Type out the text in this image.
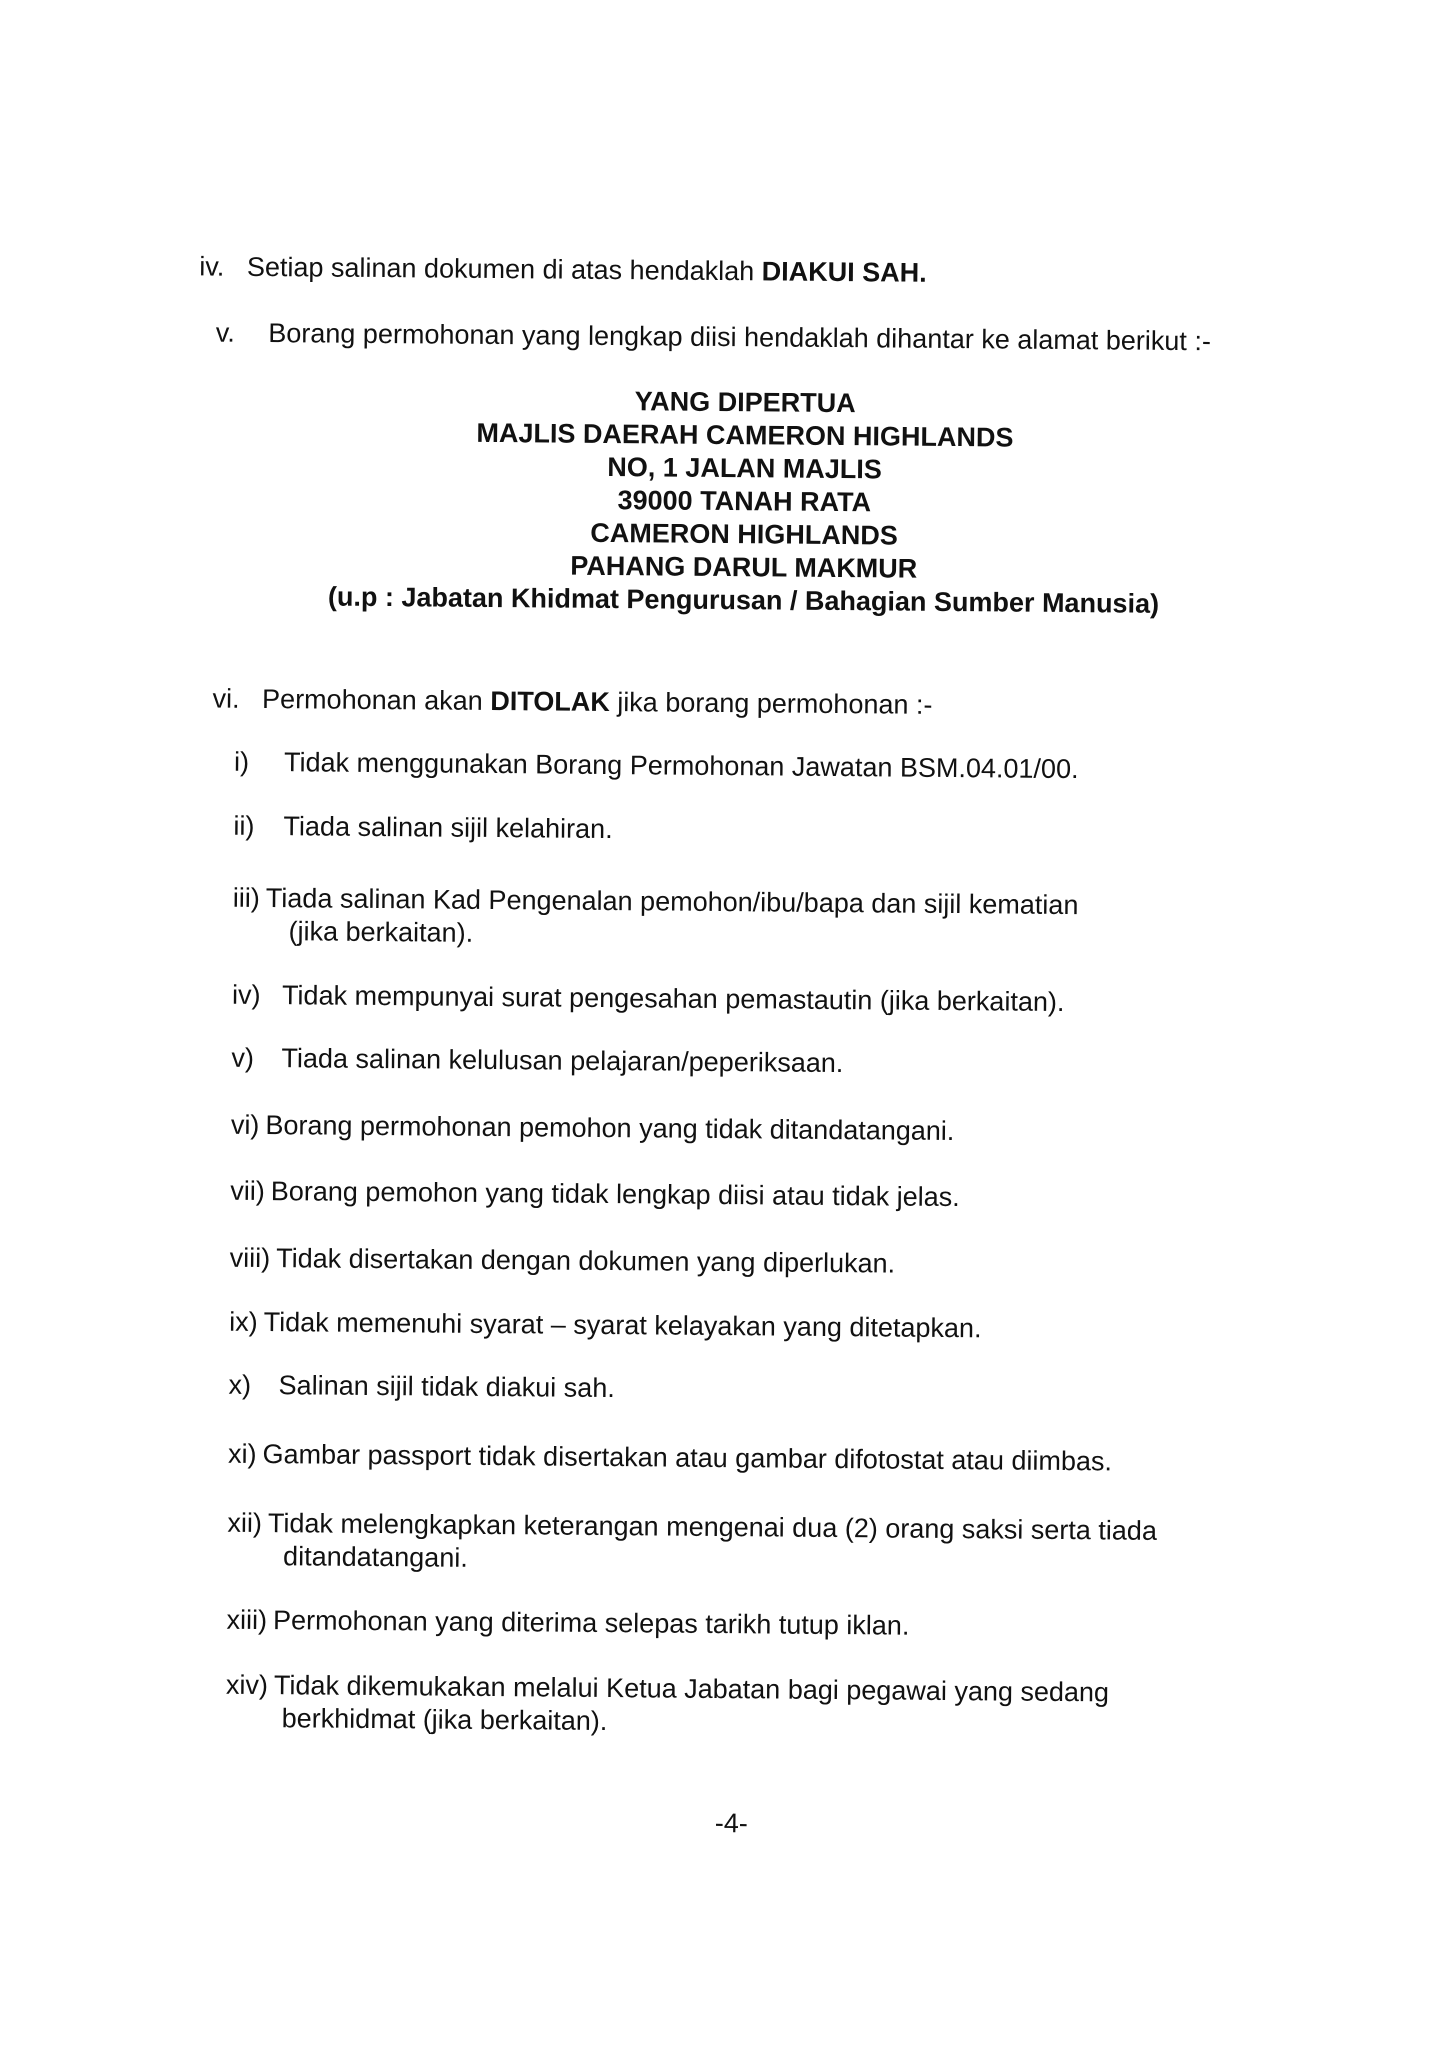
iv. Setiap salinan dokumen di atas hendaklah DIAKUI SAH.
v. Borang permohonan yang lengkap diisi hendaklah dihantar ke alamat berikut :-
YANG DIPERTUA
MAJLIS DAERAH CAMERON HIGHLANDS
NO, 1 JALAN MAJLIS
39000 TANAH RATA
CAMERON HIGHLANDS
PAHANG DARUL MAKMUR
(u.p : Jabatan Khidmat Pengurusan / Bahagian Sumber Manusia)
vi. Permohonan akan DITOLAK jika borang permohonan :-
i) Tidak menggunakan Borang Permohonan Jawatan BSM.04.01/00.
ii) Tiada salinan sijil kelahiran.
iii) Tiada salinan Kad Pengenalan pemohon/ibu/bapa dan sijil kematian
(jika berkaitan).
iv) Tidak mempunyai surat pengesahan pemastautin (jika berkaitan).
v) Tiada salinan kelulusan pelajaran/peperiksaan.
vi) Borang permohonan pemohon yang tidak ditandatangani.
vii) Borang pemohon yang tidak lengkap diisi atau tidak jelas.
viii) Tidak disertakan dengan dokumen yang diperlukan.
ix) Tidak memenuhi syarat – syarat kelayakan yang ditetapkan.
x) Salinan sijil tidak diakui sah.
xi) Gambar passport tidak disertakan atau gambar difotostat atau diimbas.
xii) Tidak melengkapkan keterangan mengenai dua (2) orang saksi serta tiada
ditandatangani.
xiii) Permohonan yang diterima selepas tarikh tutup iklan.
xiv) Tidak dikemukakan melalui Ketua Jabatan bagi pegawai yang sedang
berkhidmat (jika berkaitan).
-4-
